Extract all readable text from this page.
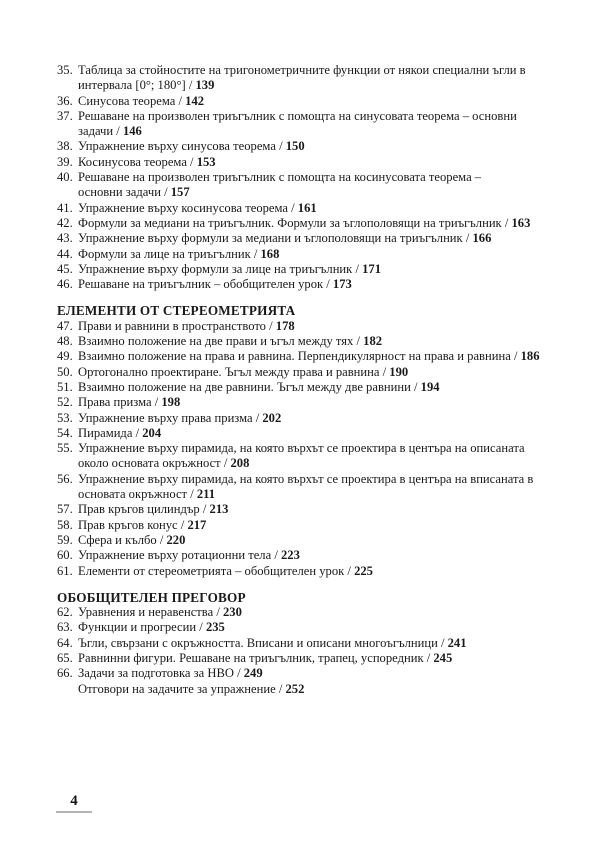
35. Таблица за стойностите на тригонометричните функции от някои специални ъгли в
интервала [0°; 180°] / 139
36. Синусова теорема / 142
37. Решаване на произволен триъгълник с помощта на синусовата теорема – основни
задачи / 146
38. Упражнение върху синусова теорема / 150
39. Косинусова теорема / 153
40. Решаване на произволен триъгълник с помощта на косинусовата теорема –
основни задачи / 157
41. Упражнение върху косинусова теорема / 161
42. Формули за медиани на триъгълник. Формули за ъглополовящи на триъгълник / 163
43. Упражнение върху формули за медиани и ъглополовящи на триъгълник / 166
44. Формули за лице на триъгълник / 168
45. Упражнение върху формули за лице на триъгълник / 171
46. Решаване на триъгълник – обобщителен урок / 173
ЕЛЕМЕНТИ ОТ СТЕРЕОМЕТРИЯТА
47. Прави и равнини в пространството / 178
48. Взаимно положение на две прави и ъгъл между тях / 182
49. Взаимно положение на права и равнина. Перпендикулярност на права и равнина / 186
50. Ортогонално проектиране. Ъгъл между права и равнина / 190
51. Взаимно положение на две равнини. Ъгъл между две равнини / 194
52. Права призма / 198
53. Упражнение върху права призма / 202
54. Пирамида / 204
55. Упражнение върху пирамида, на която върхът се проектира в центъра на описаната
около основата окръжност / 208
56. Упражнение върху пирамида, на която върхът се проектира в центъра на вписаната в
основата окръжност / 211
57. Прав кръгов цилиндър / 213
58. Прав кръгов конус / 217
59. Сфера и кълбо / 220
60. Упражнение върху ротационни тела / 223
61. Елементи от стереометрията – обобщителен урок / 225
ОБОБЩИТЕЛЕН ПРЕГОВОР
62. Уравнения и неравенства / 230
63. Функции и прогресии / 235
64. Ъгли, свързани с окръжността. Вписани и описани многоъгълници / 241
65. Равнинни фигури. Решаване на триъгълник, трапец, успоредник / 245
66. Задачи за подготовка за НВО / 249
Отговори на задачите за упражнение / 252
4
